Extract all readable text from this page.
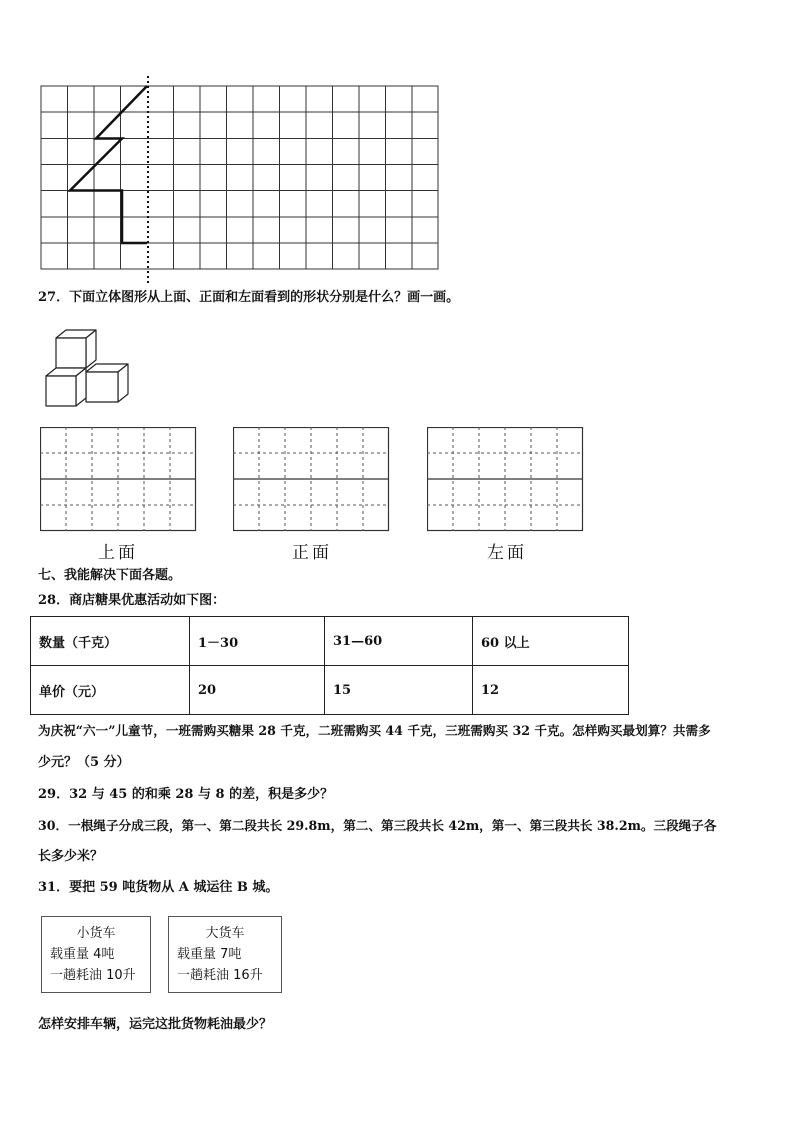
27．下面立体图形从上面、正面和左面看到的形状分别是什么？画一画。
上面	正面	左面
七、我能解决下面各题。
28．商店糖果优惠活动如下图：
数量（千克）	1－30	31—60	60 以上
单价（元）	20	15	12
为庆祝“六一”儿童节，一班需购买糖果 28 千克，二班需购买 44 千克，三班需购买 32 千克。怎样购买最划算？共需多
少元？（5 分）
29．32 与 45 的和乘 28 与 8 的差，积是多少？
30．一根绳子分成三段，第一、第二段共长 29.8m，第二、第三段共长 42m，第一、第三段共长 38.2m。三段绳子各
长多少米？
31．要把 59 吨货物从 A 城运往 B 城。
小货车
载重量 4吨
一趟耗油 10升
大货车
载重量 7吨
一趟耗油 16升
怎样安排车辆，运完这批货物耗油最少？
